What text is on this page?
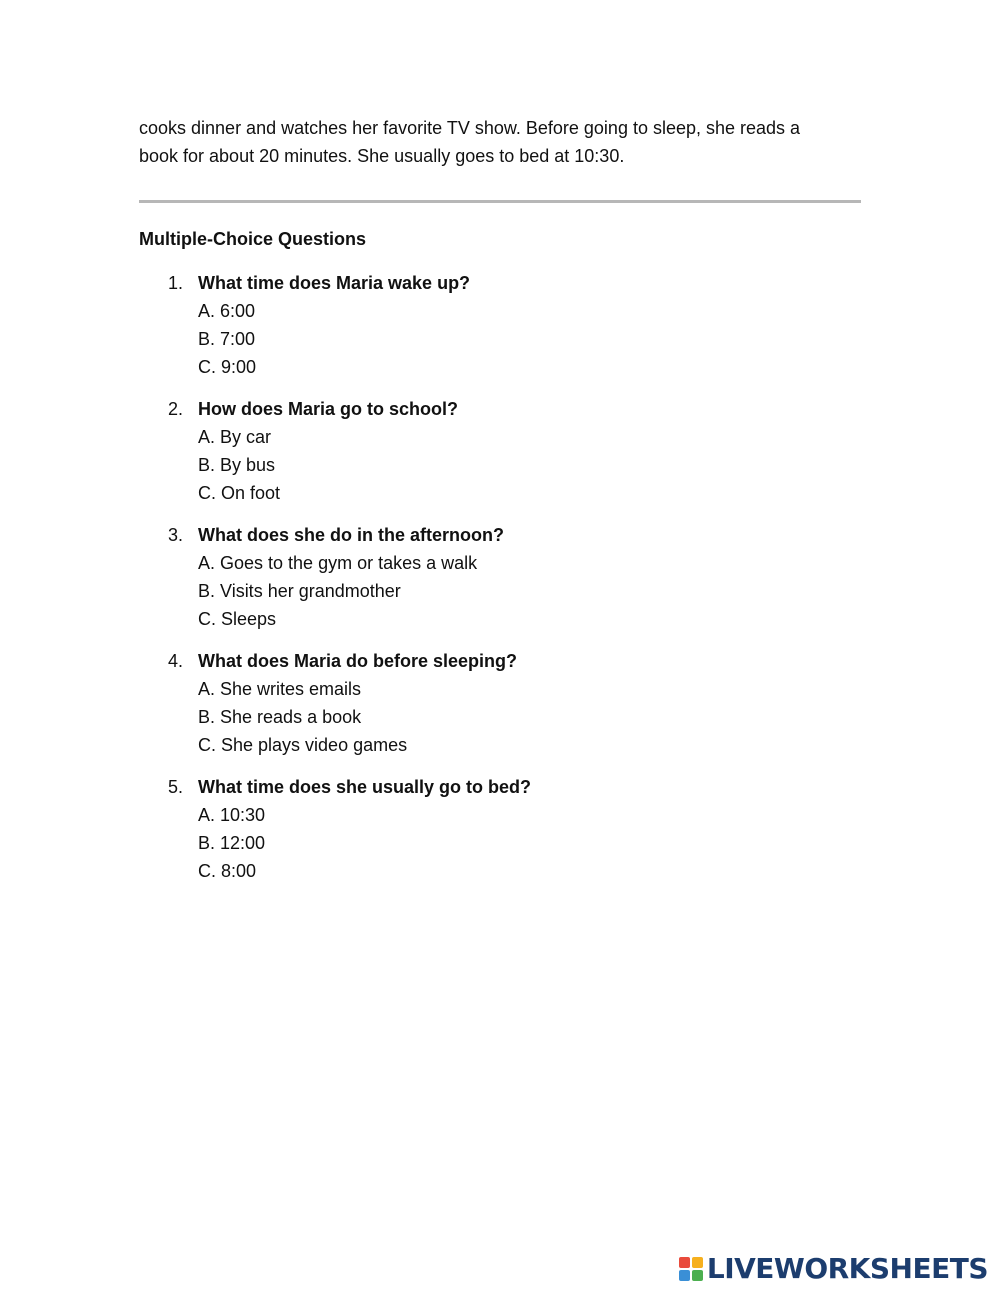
cooks dinner and watches her favorite TV show. Before going to sleep, she reads a
book for about 20 minutes. She usually goes to bed at 10:30.

Multiple-Choice Questions
1. What time does Maria wake up?
A. 6:00
B. 7:00
C. 9:00
2. How does Maria go to school?
A. By car
B. By bus
C. On foot
3. What does she do in the afternoon?
A. Goes to the gym or takes a walk
B. Visits her grandmother
C. Sleeps
4. What does Maria do before sleeping?
A. She writes emails
B. She reads a book
C. She plays video games
5. What time does she usually go to bed?
A. 10:30
B. 12:00
C. 8:00
LIVEWORKSHEETS
